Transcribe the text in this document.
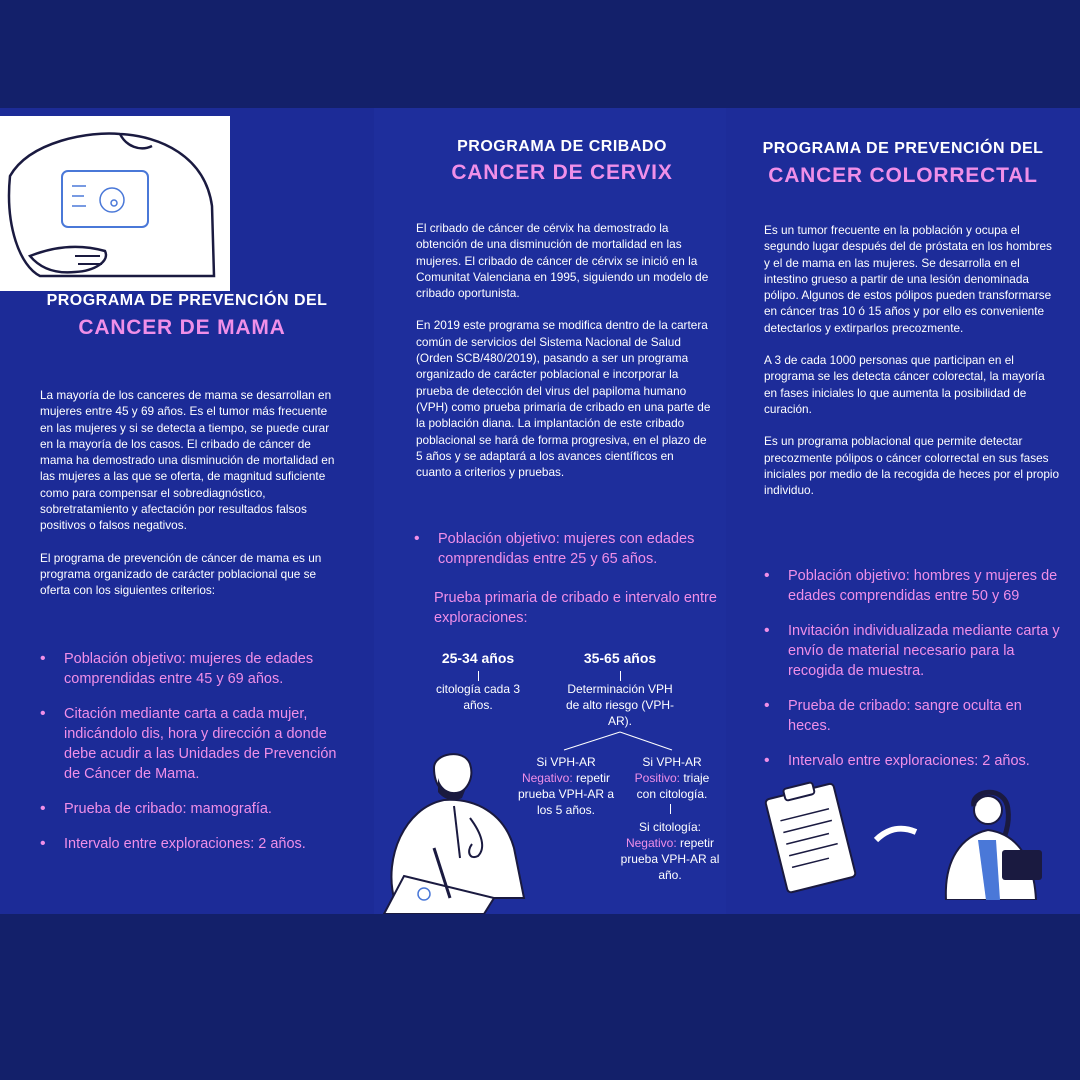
PROGRAMA DE PREVENCIÓN DEL
CANCER DE MAMA

La mayoría de los canceres de mama se desarrollan en mujeres entre 45 y 69 años. Es el tumor más frecuente en las mujeres y si se detecta a tiempo, se puede curar en la mayoría de los casos. El cribado de cáncer de mama ha demostrado una disminución de mortalidad en las mujeres a las que se oferta, de magnitud suficiente como para compensar el sobrediagnóstico, sobretratamiento y afectación por resultados falsos positivos o falsos negativos.

El programa de prevención de cáncer de mama es un programa organizado de carácter poblacional que se oferta con los siguientes criterios:

• Población objetivo: mujeres de edades comprendidas entre 45 y 69 años.
• Citación mediante carta a cada mujer, indicándolo dis, hora y dirección a donde debe acudir a las Unidades de Prevención de Cáncer de Mama.
• Prueba de cribado: mamografía.
• Intervalo entre exploraciones: 2 años.
PROGRAMA DE CRIBADO
CANCER DE CERVIX

El cribado de cáncer de cérvix ha demostrado la obtención de una disminución de mortalidad en las mujeres. El cribado de cáncer de cérvix se inició en la Comunitat Valenciana en 1995, siguiendo un modelo de cribado oportunista.

En 2019 este programa se modifica dentro de la cartera común de servicios del Sistema Nacional de Salud (Orden SCB/480/2019), pasando a ser un programa organizado de carácter poblacional e incorporar la prueba de detección del virus del papiloma humano (VPH) como prueba primaria de cribado en una parte de la población diana. La implantación de este cribado poblacional se hará de forma progresiva, en el plazo de 5 años y se adaptará a los avances científicos en cuanto a criterios y pruebas.

• Población objetivo: mujeres con edades comprendidas entre 25 y 65 años.
Prueba primaria de cribado e intervalo entre exploraciones:
25-34 años
citología cada 3 años.
35-65 años
Determinación VPH de alto riesgo (VPH-AR).
Si VPH-AR
Negativo: repetir prueba VPH-AR a los 5 años.
Si VPH-AR
Positivo: triaje con citología.
Si citología:
Negativo: repetir prueba VPH-AR al año.
PROGRAMA DE PREVENCIÓN DEL
CANCER COLORRECTAL

Es un tumor frecuente en la población y ocupa el segundo lugar después del de próstata en los hombres y el de mama en las mujeres. Se desarrolla en el intestino grueso a partir de una lesión denominada pólipo. Algunos de estos pólipos pueden transformarse en cáncer tras 10 ó 15 años y por ello es conveniente detectarlos y extirparlos precozmente.

A 3 de cada 1000 personas que participan en el programa se les detecta cáncer colorectal, la mayoría en fases iniciales lo que aumenta la posibilidad de curación.

Es un programa poblacional que permite detectar precozmente pólipos o cáncer colorrectal en sus fases iniciales por medio de la recogida de heces por el propio individuo.

• Población objetivo: hombres y mujeres de edades comprendidas entre 50 y 69
• Invitación individualizada mediante carta y envío de material necesario para la recogida de muestra.
• Prueba de cribado: sangre oculta en heces.
• Intervalo entre exploraciones: 2 años.
